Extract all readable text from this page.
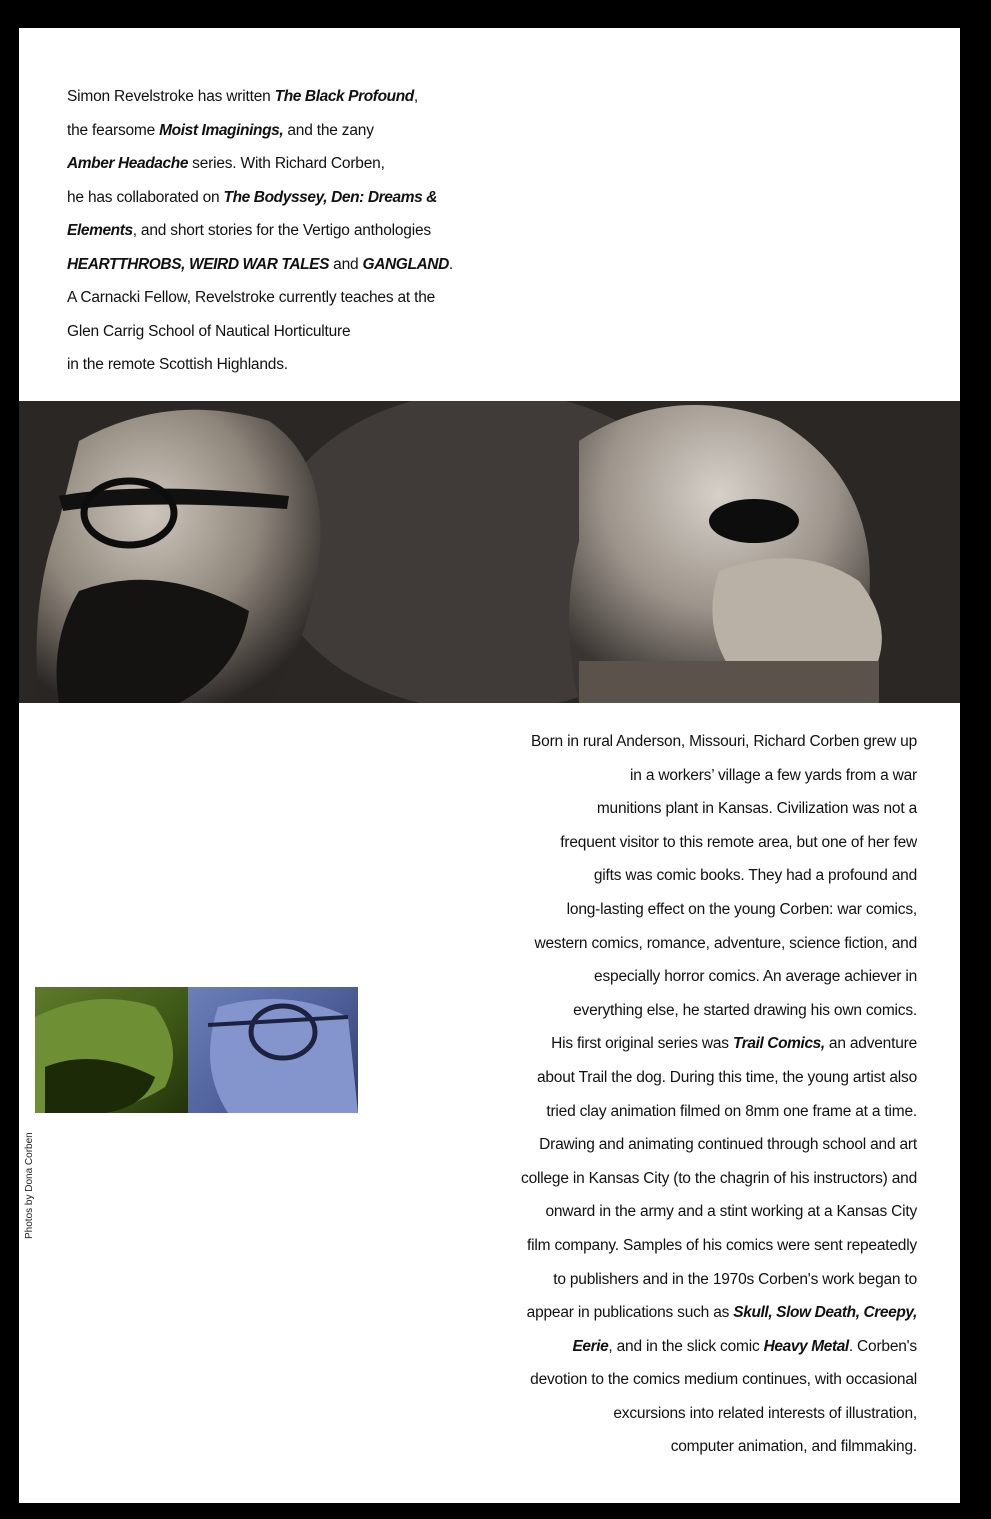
Simon Revelstroke has written The Black Profound,
the fearsome Moist Imaginings, and the zany
Amber Headache series. With Richard Corben,
he has collaborated on The Bodyssey, Den: Dreams &
Elements, and short stories for the Vertigo anthologies
HEARTTHROBS, WEIRD WAR TALES and GANGLAND.
A Carnacki Fellow, Revelstroke currently teaches at the
Glen Carrig School of Nautical Horticulture
in the remote Scottish Highlands.
Photos by Dona Corben
Born in rural Anderson, Missouri, Richard Corben grew up
in a workers’ village a few yards from a war
munitions plant in Kansas. Civilization was not a
frequent visitor to this remote area, but one of her few
gifts was comic books. They had a profound and
long-lasting effect on the young Corben: war comics,
western comics, romance, adventure, science fiction, and
especially horror comics. An average achiever in
everything else, he started drawing his own comics.
His first original series was Trail Comics, an adventure
about Trail the dog. During this time, the young artist also
tried clay animation filmed on 8mm one frame at a time.
Drawing and animating continued through school and art
college in Kansas City (to the chagrin of his instructors) and
onward in the army and a stint working at a Kansas City
film company. Samples of his comics were sent repeatedly
to publishers and in the 1970s Corben's work began to
appear in publications such as Skull, Slow Death, Creepy,
Eerie, and in the slick comic Heavy Metal. Corben's
devotion to the comics medium continues, with occasional
excursions into related interests of illustration,
computer animation, and filmmaking.
